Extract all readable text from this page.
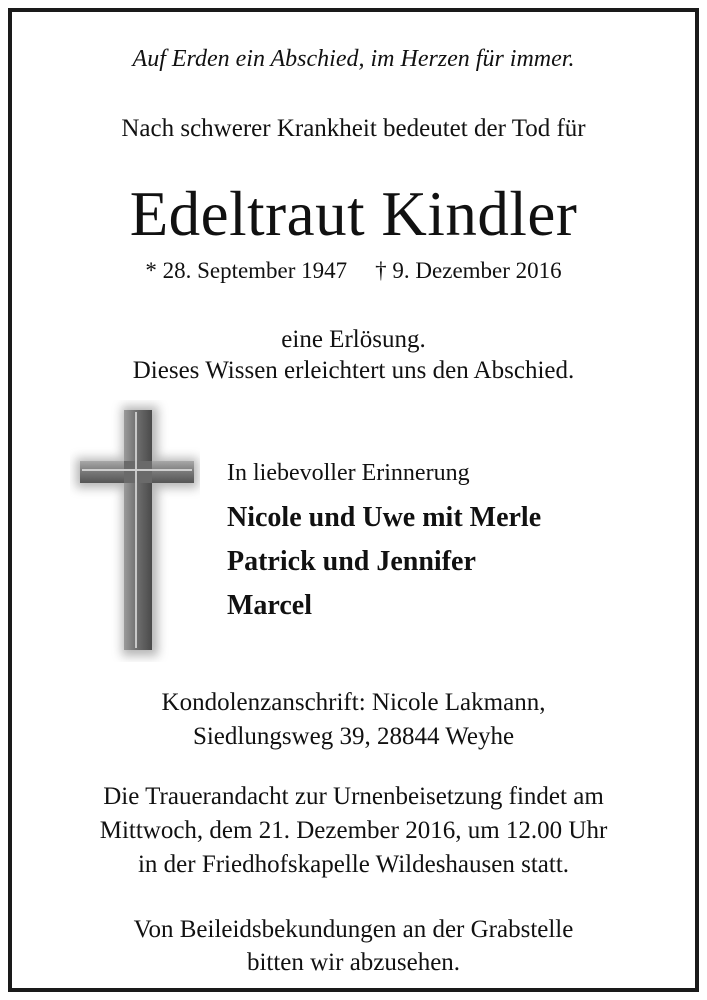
Auf Erden ein Abschied, im Herzen für immer.
Nach schwerer Krankheit bedeutet der Tod für
Edeltraut Kindler
* 28. September 1947 † 9. Dezember 2016
eine Erlösung.
Dieses Wissen erleichtert uns den Abschied.
In liebevoller Erinnerung
Nicole und Uwe mit Merle
Patrick und Jennifer
Marcel
Kondolenzanschrift: Nicole Lakmann,
Siedlungsweg 39, 28844 Weyhe
Die Trauerandacht zur Urnenbeisetzung findet am
Mittwoch, dem 21. Dezember 2016, um 12.00 Uhr
in der Friedhofskapelle Wildeshausen statt.
Von Beileidsbekundungen an der Grabstelle
bitten wir abzusehen.
